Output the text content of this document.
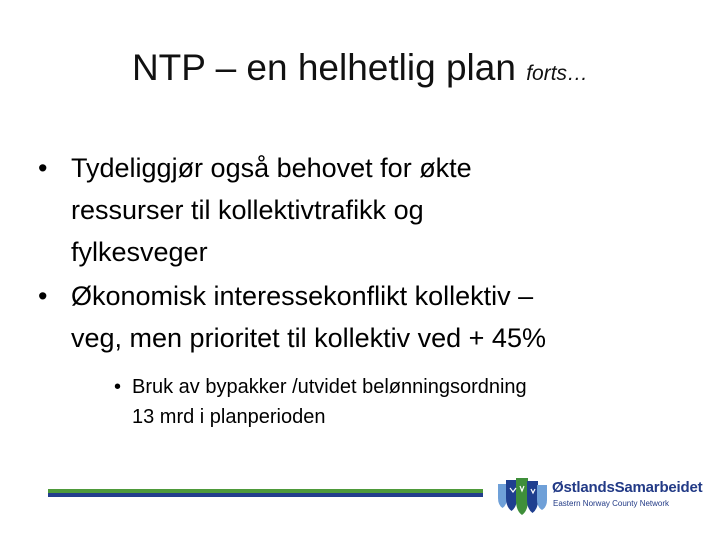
NTP – en helhetlig plan forts…
• Tydeliggjør også behovet for økte
ressurser til kollektivtrafikk og
fylkesveger
• Økonomisk interessekonflikt kollektiv –
veg, men prioritet til kollektiv ved + 45%
• Bruk av bypakker /utvidet belønningsordning
13 mrd i planperioden
ØstlandsSamarbeidet
Eastern Norway County Network
